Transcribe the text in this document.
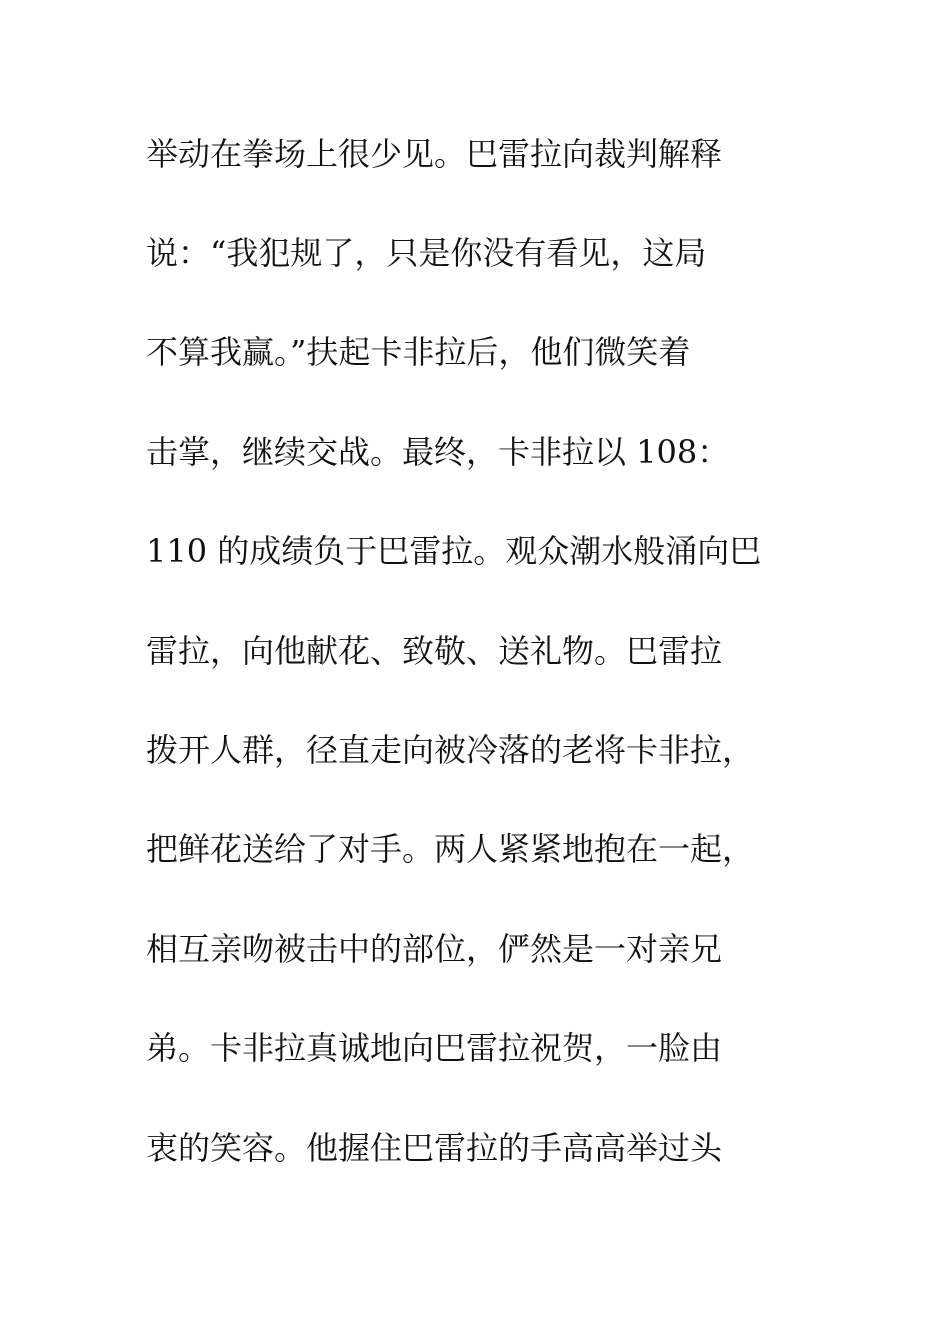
举动在拳场上很少见。巴雷拉向裁判解释
说：“我犯规了，只是你没有看见，这局
不算我赢。”扶起卡非拉后，他们微笑着
击掌，继续交战。最终，卡非拉以 108：
110 的成绩负于巴雷拉。观众潮水般涌向巴
雷拉，向他献花、致敬、送礼物。巴雷拉
拨开人群，径直走向被冷落的老将卡非拉，
把鲜花送给了对手。两人紧紧地抱在一起，
相互亲吻被击中的部位，俨然是一对亲兄
弟。卡非拉真诚地向巴雷拉祝贺，一脸由
衷的笑容。他握住巴雷拉的手高高举过头
